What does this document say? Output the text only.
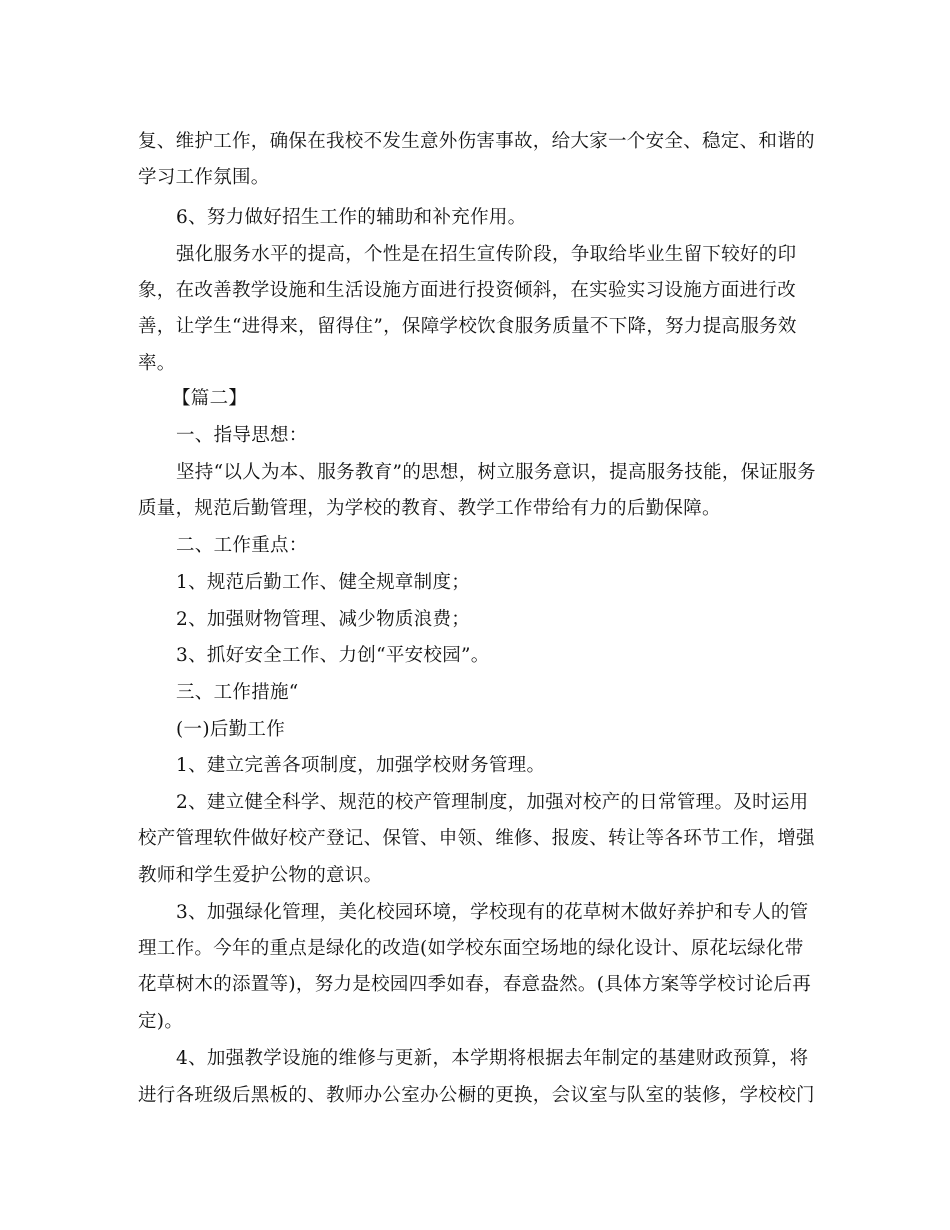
复、维护工作，确保在我校不发生意外伤害事故，给大家一个安全、稳定、和谐的
学习工作氛围。
6、努力做好招生工作的辅助和补充作用。
强化服务水平的提高，个性是在招生宣传阶段，争取给毕业生留下较好的印
象，在改善教学设施和生活设施方面进行投资倾斜，在实验实习设施方面进行改
善，让学生“进得来，留得住”，保障学校饮食服务质量不下降，努力提高服务效
率。
【篇二】
一、指导思想：
坚持“以人为本、服务教育”的思想，树立服务意识，提高服务技能，保证服务
质量，规范后勤管理，为学校的教育、教学工作带给有力的后勤保障。
二、工作重点：
1、规范后勤工作、健全规章制度；
2、加强财物管理、减少物质浪费；
3、抓好安全工作、力创“平安校园”。
三、工作措施“
(一)后勤工作
1、建立完善各项制度，加强学校财务管理。
2、建立健全科学、规范的校产管理制度，加强对校产的日常管理。及时运用
校产管理软件做好校产登记、保管、申领、维修、报废、转让等各环节工作，增强
教师和学生爱护公物的意识。
3、加强绿化管理，美化校园环境，学校现有的花草树木做好养护和专人的管
理工作。今年的重点是绿化的改造(如学校东面空场地的绿化设计、原花坛绿化带
花草树木的添置等)，努力是校园四季如春，春意盎然。(具体方案等学校讨论后再
定)。
4、加强教学设施的维修与更新，本学期将根据去年制定的基建财政预算，将
进行各班级后黑板的、教师办公室办公橱的更换，会议室与队室的装修，学校校门
